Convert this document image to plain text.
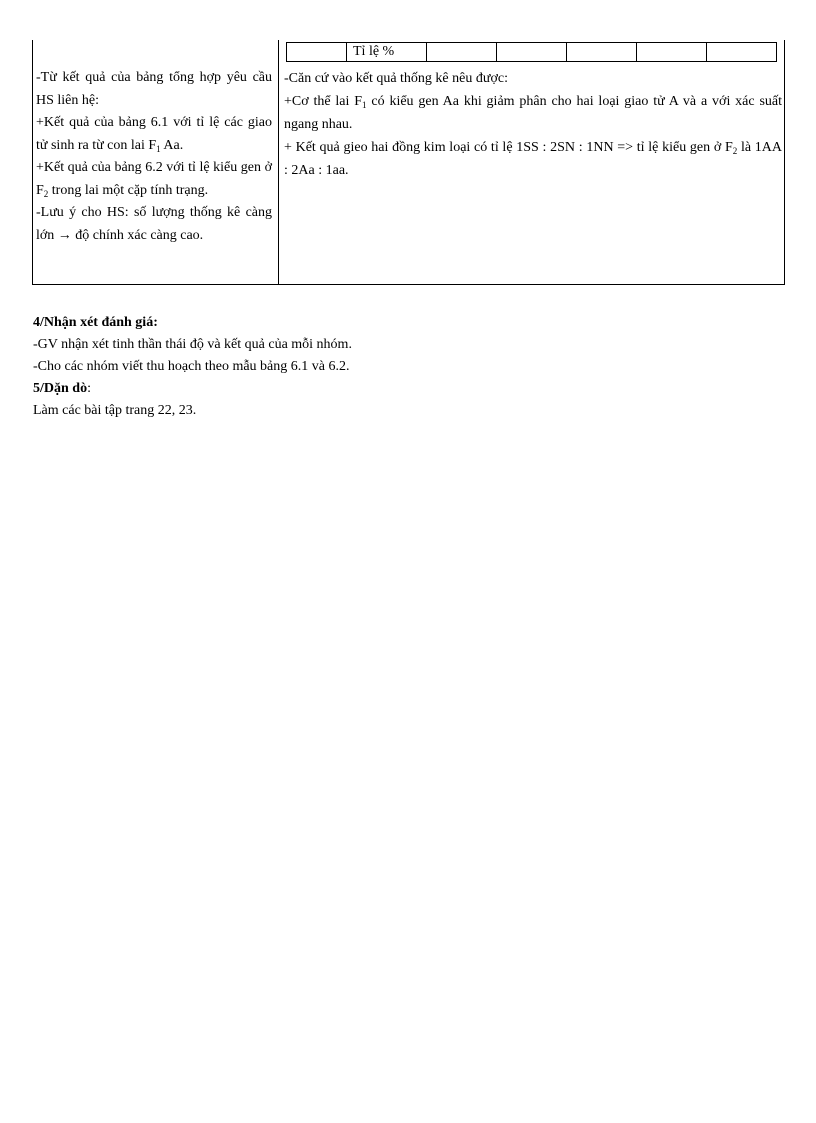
	Tỉ lệ %					

-Từ kết quả của bảng tổng hợp yêu cầu HS liên hệ:

+Kết quả của bảng 6.1 với tỉ lệ các giao tử sinh ra từ con lai $F_1$ Aa.

+Kết quả của bảng 6.2 với tỉ lệ kiểu gen ở $F_2$ trong lai một cặp tính trạng.

-Lưu ý cho HS: số lượng thống kê càng lớn → độ chính xác càng cao.

-Căn cứ vào kết quả thống kê nêu được:

+Cơ thể lai $F_1$ có kiểu gen Aa khi giảm phân cho hai loại giao tử A và a với xác suất ngang nhau.

+ Kết quả gieo hai đồng kim loại có tỉ lệ 1SS : 2SN : 1NN => tỉ lệ kiểu gen ở $F_2$ là 1AA : 2Aa : 1aa.

4/Nhận xét đánh giá:

-GV nhận xét tinh thần thái độ và kết quả của mỗi nhóm.

-Cho các nhóm viết thu hoạch theo mẫu bảng 6.1 và 6.2.

5/Dặn dò:

Làm các bài tập trang 22, 23.
